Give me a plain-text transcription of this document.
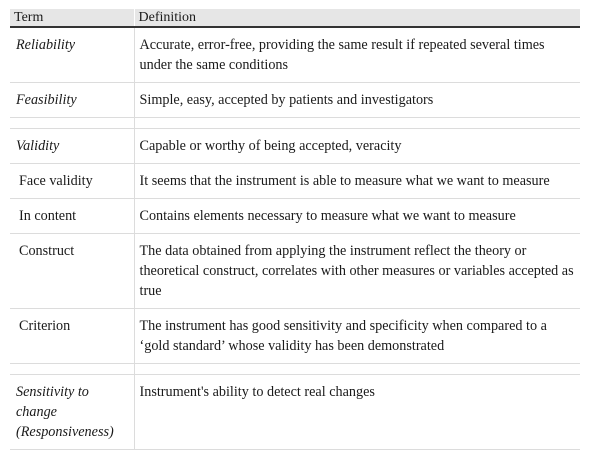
Term	Definition
Reliability	Accurate, error-free, providing the same result if repeated several times under the same conditions
Feasibility	Simple, easy, accepted by patients and investigators

Validity	Capable or worthy of being accepted, veracity
Face validity	It seems that the instrument is able to measure what we want to measure
In content	Contains elements necessary to measure what we want to measure
Construct	The data obtained from applying the instrument reflect the theory or theoretical construct, correlates with other measures or variables accepted as true
Criterion	The instrument has good sensitivity and specificity when compared to a ‘gold standard’ whose validity has been demonstrated

Sensitivity to change (Responsiveness)	Instrument's ability to detect real changes
